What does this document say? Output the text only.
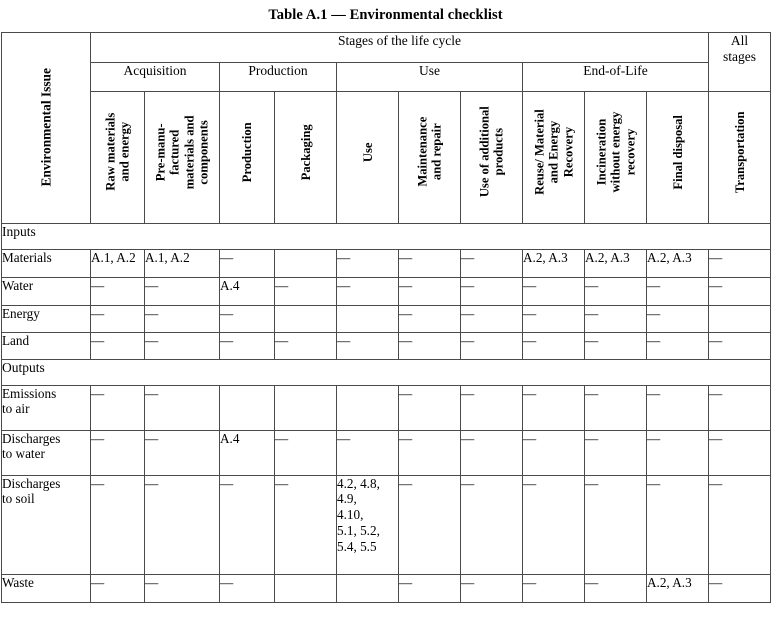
Table A.1 — Environmental checklist
Environmental Issue	Stages of the life cycle										All
stages
	Acquisition		Production		Use			End-of-Life			

	Raw materials
and energy	Pre-manu-
factured
materials and
components	Production	Packaging	Use	Maintenance
and repair	Use of additional
products	Reuse/ Material
and Energy
Recovery	Incineration
without energy
recovery	Final disposal	Transportation

Inputs											
Materials	A.1, A.2	A.1, A.2	—		—	—	—	A.2, A.3	A.2, A.3	A.2, A.3	—
Water	—	—	A.4	—	—	—	—	—	—	—	—
Energy	—	—	—			—	—	—	—	—	
Land	—	—	—	—	—	—	—	—	—	—	—
Outputs											
Emissions
to air	—	—				—	—	—	—	—	—
Discharges
to water	—	—	A.4	—	—	—	—	—	—	—	—
Discharges
to soil	—	—	—	—	4.2, 4.8,
4.9,
4.10,
5.1, 5.2,
5.4, 5.5	—	—	—	—	—	—
Waste	—	—	—			—	—	—	—	A.2, A.3	—
